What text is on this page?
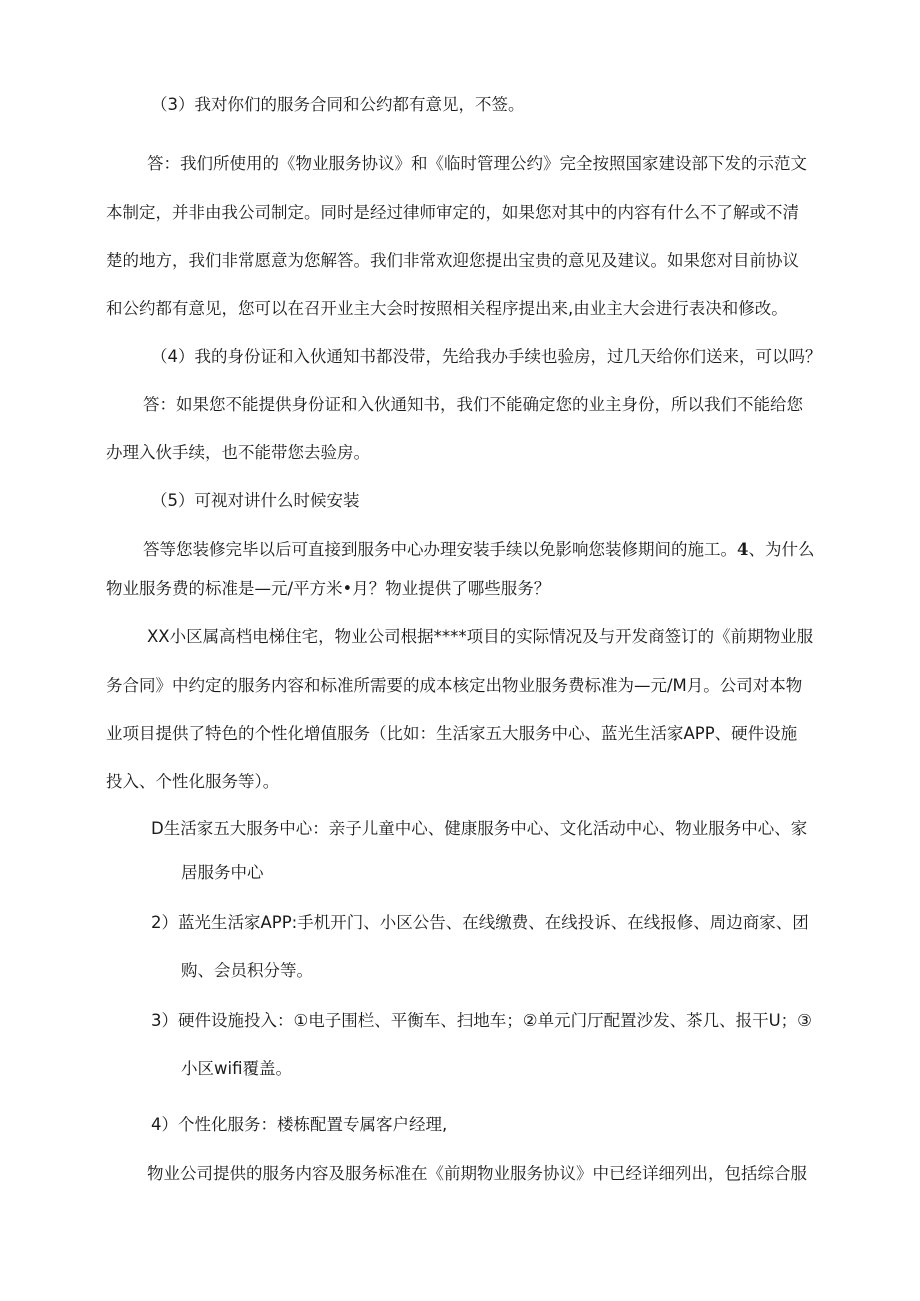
（3）我对你们的服务合同和公约都有意见，不签。
答：我们所使用的《物业服务协议》和《临时管理公约》完全按照国家建设部下发的示范文
本制定，并非由我公司制定。同时是经过律师审定的，如果您对其中的内容有什么不了解或不清
楚的地方，我们非常愿意为您解答。我们非常欢迎您提出宝贵的意见及建议。如果您对目前协议
和公约都有意见，您可以在召开业主大会时按照相关程序提出来,由业主大会进行表决和修改。
（4）我的身份证和入伙通知书都没带，先给我办手续也验房，过几天给你们送来，可以吗？
答：如果您不能提供身份证和入伙通知书，我们不能确定您的业主身份，所以我们不能给您
办理入伙手续，也不能带您去验房。
（5）可视对讲什么时候安装
答等您装修完毕以后可直接到服务中心办理安装手续以免影响您装修期间的施工。4、为什么
物业服务费的标准是—元/平方米•月？物业提供了哪些服务？
XX小区属高档电梯住宅，物业公司根据****项目的实际情况及与开发商签订的《前期物业服
务合同》中约定的服务内容和标准所需要的成本核定出物业服务费标准为—元/M月。公司对本物
业项目提供了特色的个性化增值服务（比如：生活家五大服务中心、蓝光生活家APP、硬件设施
投入、个性化服务等）。
D生活家五大服务中心：亲子儿童中心、健康服务中心、文化活动中心、物业服务中心、家
居服务中心
2）蓝光生活家APP:手机开门、小区公告、在线缴费、在线投诉、在线报修、周边商家、团
购、会员积分等。
3）硬件设施投入：①电子围栏、平衡车、扫地车；②单元门厅配置沙发、茶几、报干U；③
小区wifi覆盖。
4）个性化服务：楼栋配置专属客户经理,
物业公司提供的服务内容及服务标准在《前期物业服务协议》中已经详细列出，包括综合服
